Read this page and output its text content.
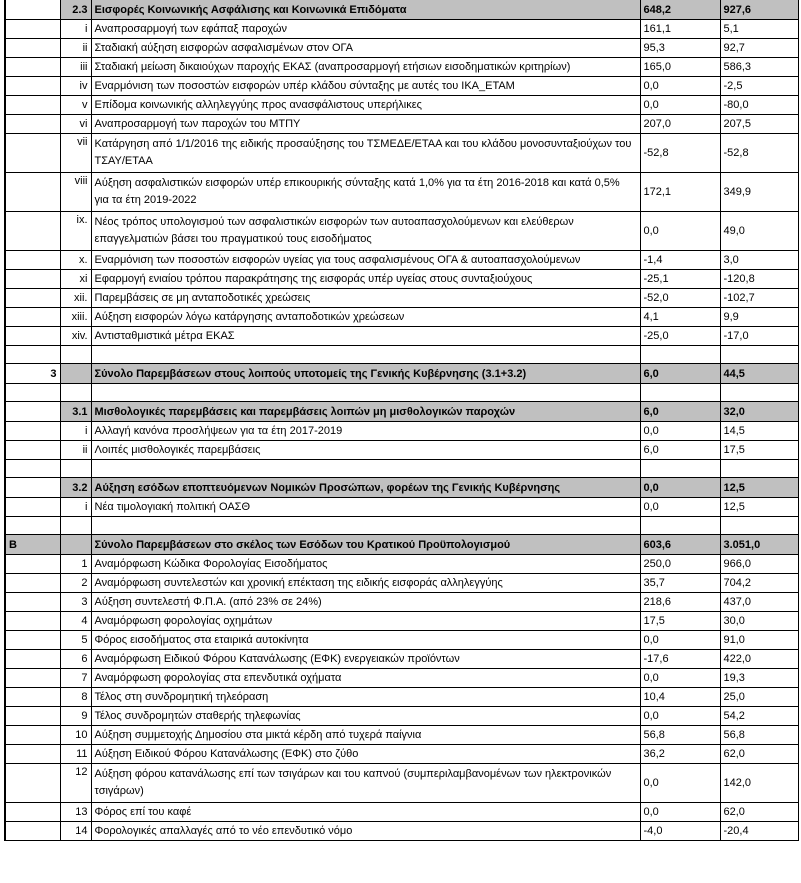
	2.3	Εισφορές Κοινωνικής Ασφάλισης και Κοινωνικά Επιδόματα	648,2	927,6
	i	Αναπροσαρμογή των εφάπαξ παροχών	161,1	5,1
	ii	Σταδιακή αύξηση εισφορών ασφαλισμένων στον ΟΓΑ	95,3	92,7
	iii	Σταδιακή μείωση δικαιούχων παροχής ΕΚΑΣ (αναπροσαρμογή ετήσιων εισοδηματικών κριτηρίων)	165,0	586,3
	iv	Εναρμόνιση των ποσοστών εισφορών υπέρ κλάδου σύνταξης με αυτές του ΙΚΑ_ΕΤΑΜ	0,0	-2,5
	v	Επίδομα κοινωνικής αλληλεγγύης προς ανασφάλιστους υπερήλικες	0,0	-80,0
	vi	Αναπροσαρμογή των παροχών του ΜΤΠΥ	207,0	207,5
	vii	Κατάργηση από 1/1/2016 της ειδικής προσαύξησης του ΤΣΜΕΔΕ/ΕΤΑΑ και του κλάδου μονοσυνταξιούχων του ΤΣΑΥ/ΕΤΑΑ	-52,8	-52,8
	viii	Αύξηση ασφαλιστικών εισφορών υπέρ επικουρικής σύνταξης κατά 1,0% για τα έτη 2016-2018 και κατά 0,5% για τα έτη 2019-2022	172,1	349,9
	ix.	Νέος τρόπος υπολογισμού των ασφαλιστικών εισφορών των αυτοαπασχολούμενων και ελεύθερων επαγγελματιών βάσει του πραγματικού τους εισοδήματος	0,0	49,0
	x.	Εναρμόνιση των ποσοστών εισφορών υγείας για τους ασφαλισμένους ΟΓΑ & αυτοαπασχολούμενων	-1,4	3,0
	xi	Εφαρμογή ενιαίου τρόπου παρακράτησης της εισφοράς υπέρ υγείας στους συνταξιούχους	-25,1	-120,8
	xii.	Παρεμβάσεις σε μη ανταποδοτικές χρεώσεις	-52,0	-102,7
	xiii.	Αύξηση εισφορών λόγω κατάργησης ανταποδοτικών χρεώσεων	4,1	9,9
	xiv.	Αντισταθμιστικά μέτρα ΕΚΑΣ	-25,0	-17,0

3		Σύνολο Παρεμβάσεων στους λοιπούς υποτομείς της Γενικής Κυβέρνησης (3.1+3.2)	6,0	44,5

	3.1	Μισθολογικές παρεμβάσεις και παρεμβάσεις λοιπών μη μισθολογικών παροχών	6,0	32,0
	i	Αλλαγή κανόνα προσλήψεων για τα έτη 2017-2019	0,0	14,5
	ii	Λοιπές μισθολογικές παρεμβάσεις	6,0	17,5

	3.2	Αύξηση εσόδων εποπτευόμενων Νομικών Προσώπων, φορέων της Γενικής Κυβέρνησης	0,0	12,5
	i	Νέα τιμολογιακή πολιτική ΟΑΣΘ	0,0	12,5

B		Σύνολο Παρεμβάσεων στο σκέλος των Εσόδων του Κρατικού Προϋπολογισμού	603,6	3.051,0
	1	Αναμόρφωση Κώδικα Φορολογίας Εισοδήματος	250,0	966,0
	2	Αναμόρφωση συντελεστών και χρονική επέκταση της ειδικής εισφοράς αλληλεγγύης	35,7	704,2
	3	Αύξηση συντελεστή Φ.Π.Α. (από 23% σε 24%)	218,6	437,0
	4	Αναμόρφωση φορολογίας οχημάτων	17,5	30,0
	5	Φόρος εισοδήματος στα εταιρικά αυτοκίνητα	0,0	91,0
	6	Αναμόρφωση Ειδικού Φόρου Κατανάλωσης (ΕΦΚ) ενεργειακών προϊόντων	-17,6	422,0
	7	Αναμόρφωση φορολογίας στα επενδυτικά οχήματα	0,0	19,3
	8	Τέλος στη συνδρομητική τηλεόραση	10,4	25,0
	9	Τέλος συνδρομητών σταθερής τηλεφωνίας	0,0	54,2
	10	Αύξηση συμμετοχής Δημοσίου στα μικτά κέρδη από τυχερά παίγνια	56,8	56,8
	11	Αύξηση Ειδικού Φόρου Κατανάλωσης (ΕΦΚ) στο ζύθο	36,2	62,0
	12	Αύξηση φόρου κατανάλωσης επί των τσιγάρων και του καπνού (συμπεριλαμβανομένων των ηλεκτρονικών τσιγάρων)	0,0	142,0
	13	Φόρος επί του καφέ	0,0	62,0
	14	Φορολογικές απαλλαγές από το νέο επενδυτικό νόμο	-4,0	-20,4
